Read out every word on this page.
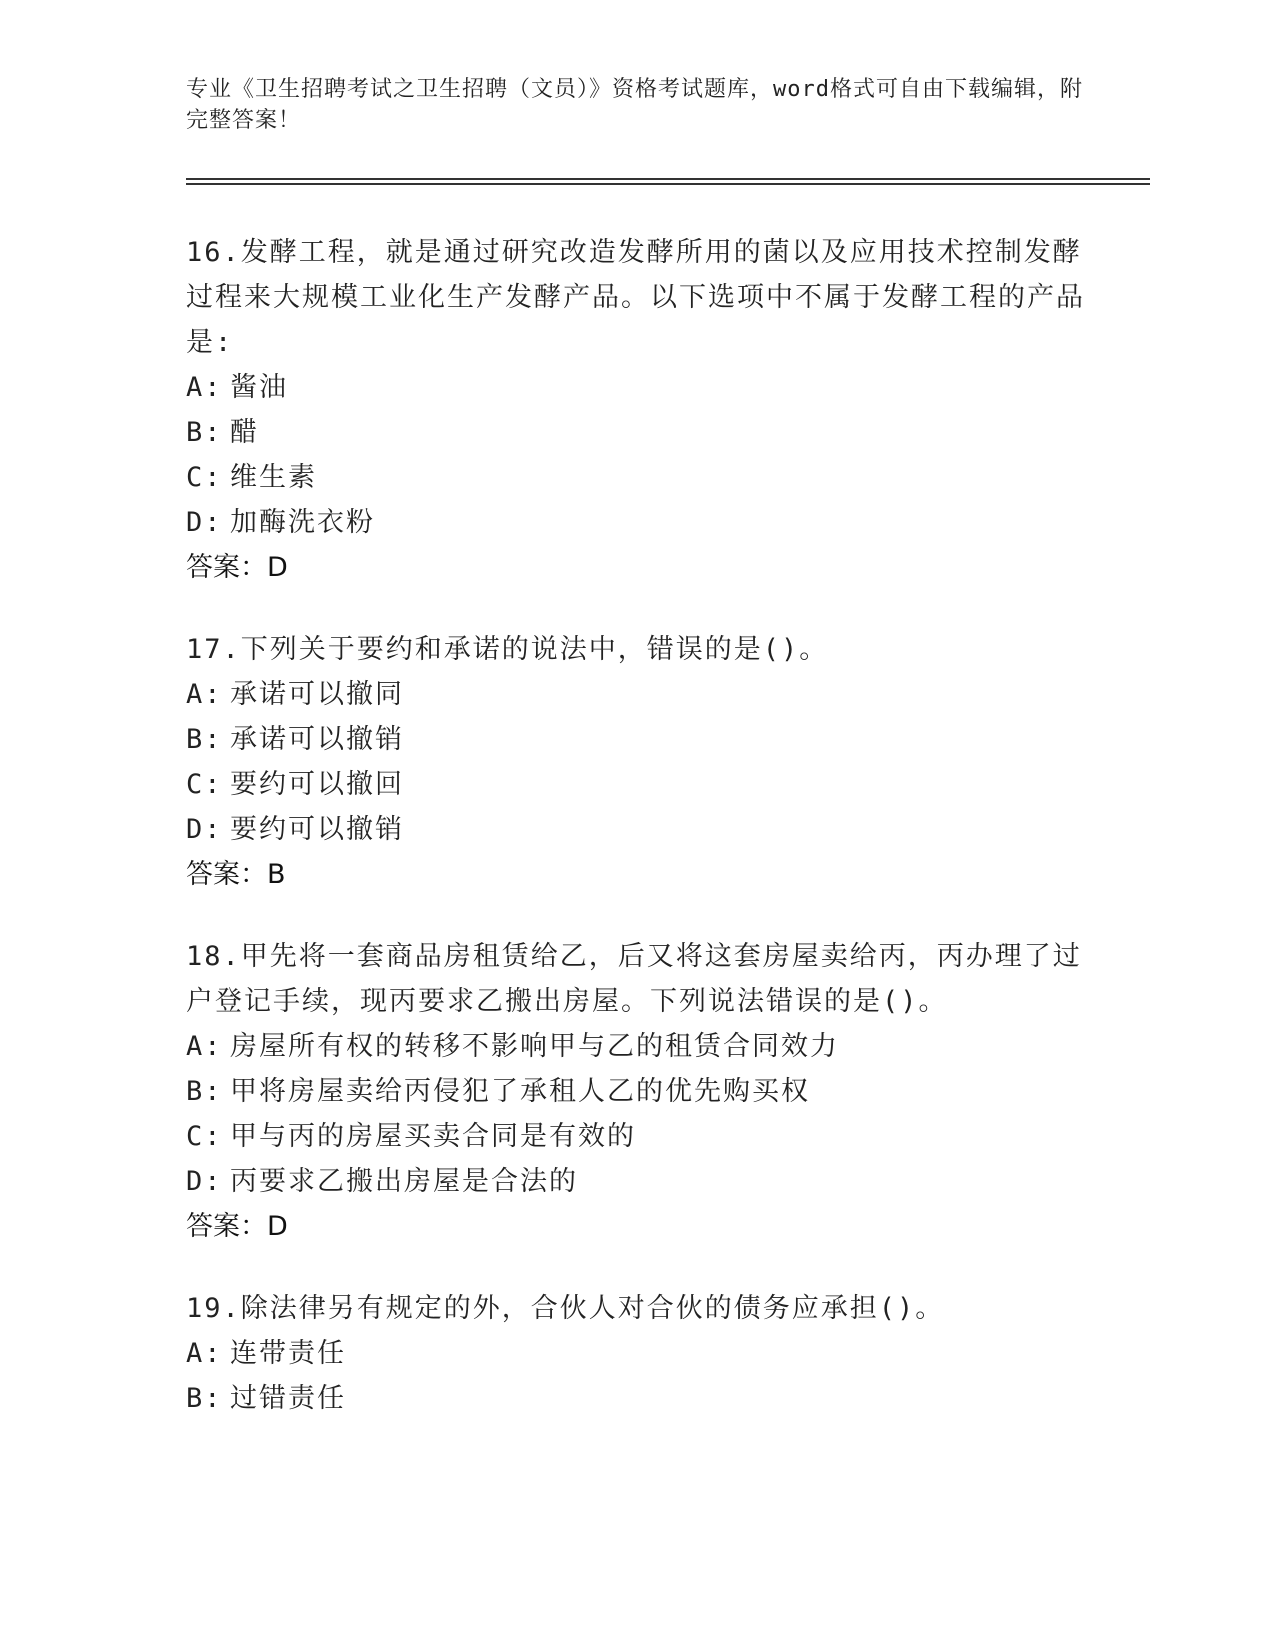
专业《卫生招聘考试之卫生招聘（文员）》资格考试题库，word格式可自由下载编辑，附完整答案！

16.发酵工程，就是通过研究改造发酵所用的菌以及应用技术控制发酵过程来大规模工业化生产发酵产品。以下选项中不属于发酵工程的产品是:

A: 酱油

B: 醋

C: 维生素

D: 加酶洗衣粉

答案：D

17.下列关于要约和承诺的说法中，错误的是()。

A: 承诺可以撤同

B: 承诺可以撤销

C: 要约可以撤回

D: 要约可以撤销

答案：B

18.甲先将一套商品房租赁给乙，后又将这套房屋卖给丙，丙办理了过户登记手续，现丙要求乙搬出房屋。下列说法错误的是()。

A: 房屋所有权的转移不影响甲与乙的租赁合同效力

B: 甲将房屋卖给丙侵犯了承租人乙的优先购买权

C: 甲与丙的房屋买卖合同是有效的

D: 丙要求乙搬出房屋是合法的

答案：D

19.除法律另有规定的外，合伙人对合伙的债务应承担()。

A: 连带责任

B: 过错责任
